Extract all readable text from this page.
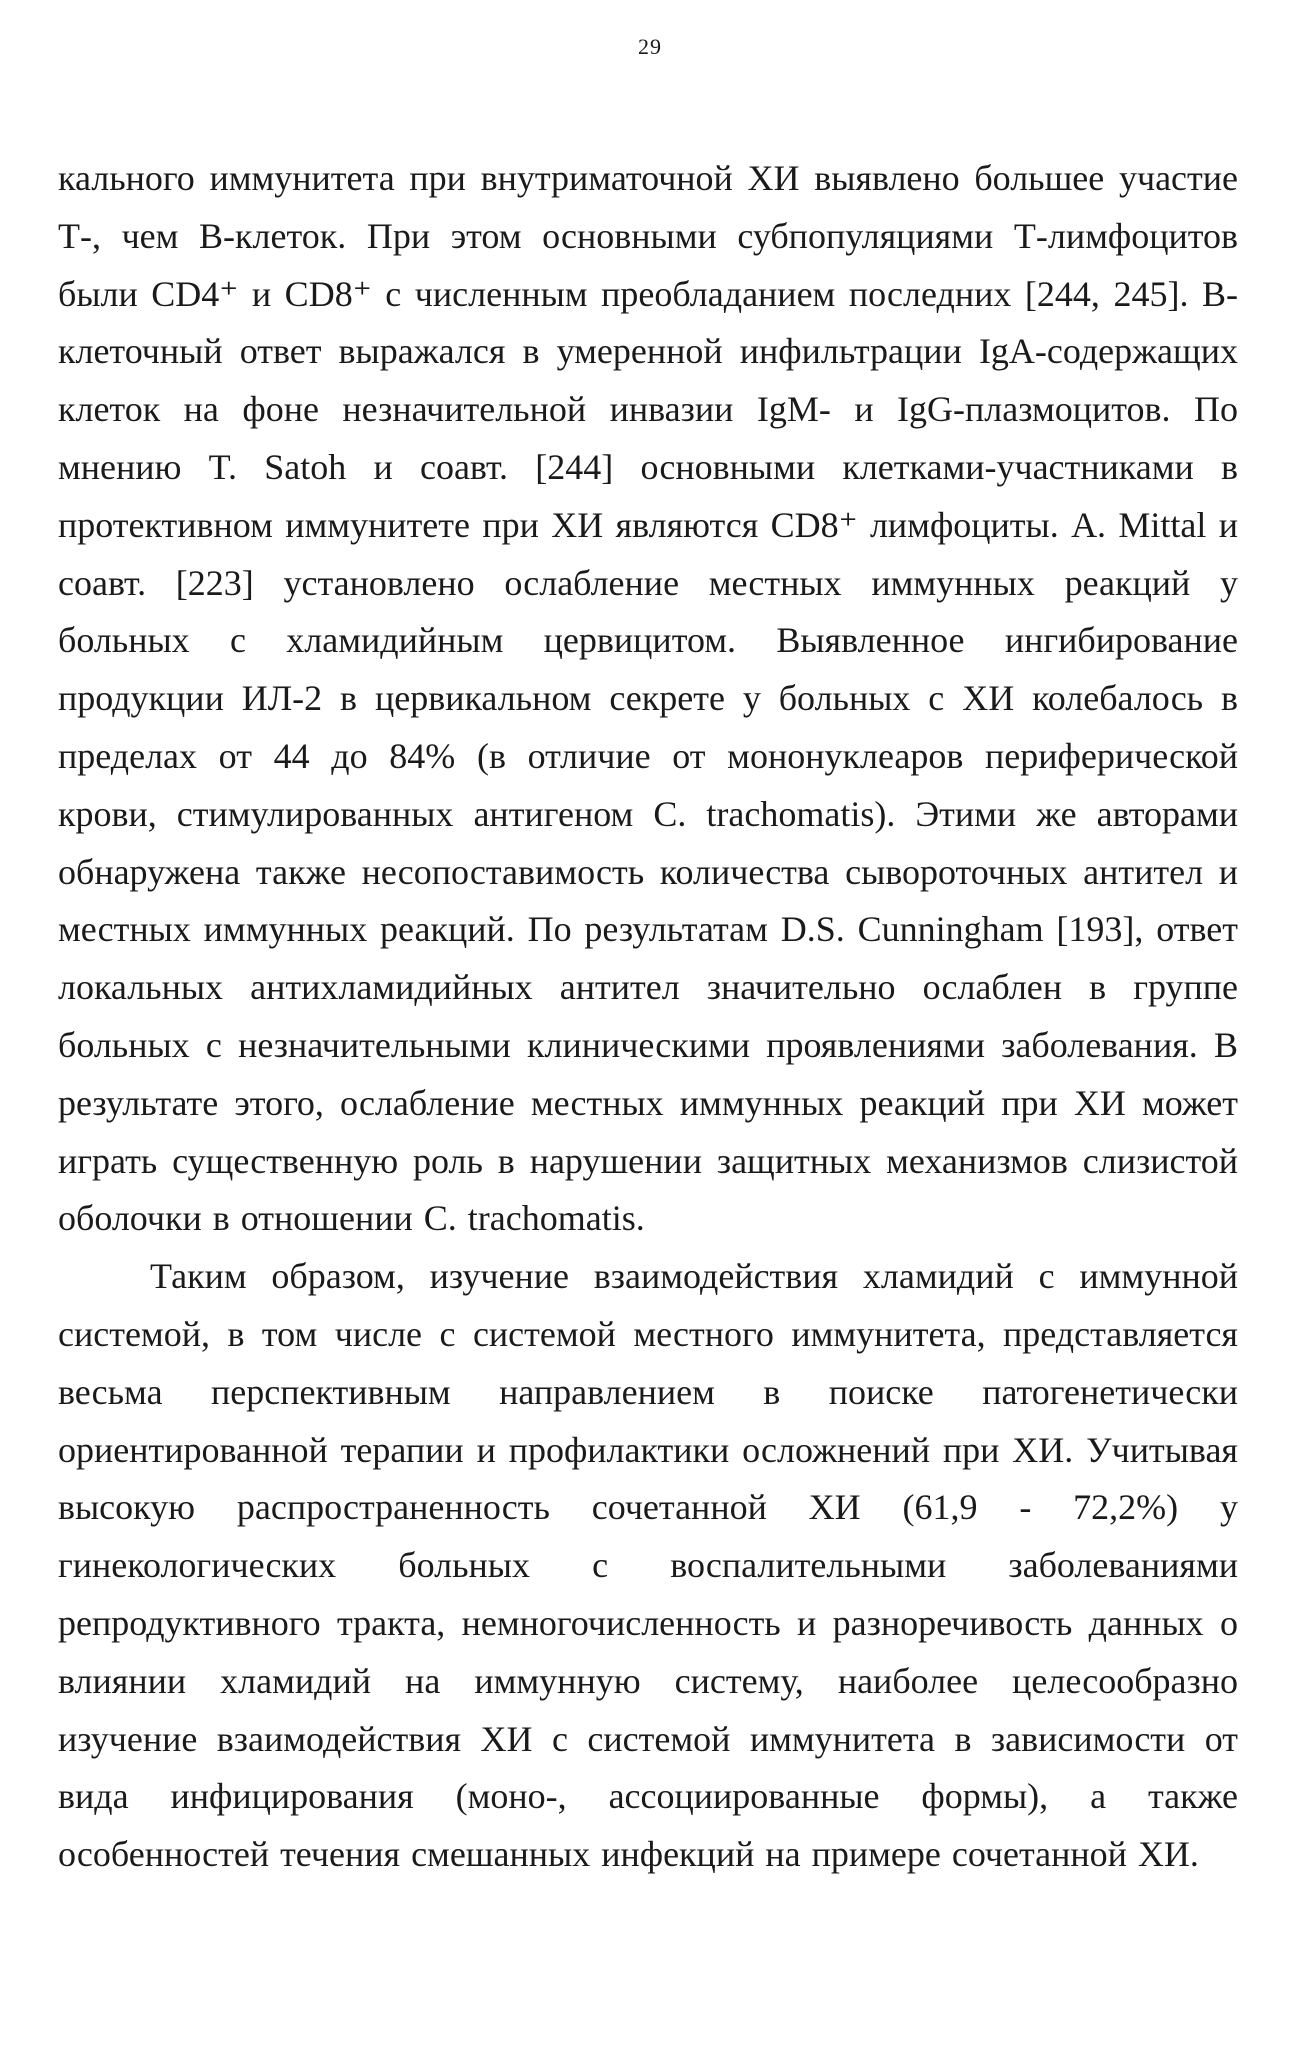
29

кального иммунитета при внутриматочной ХИ выявлено большее участие Т-, чем В-клеток. При этом основными субпопуляциями Т-лимфоцитов были CD4⁺ и CD8⁺ с численным преобладанием последних [244, 245]. В-клеточный ответ выражался в умеренной инфильтрации IgA-содержащих клеток на фоне незначительной инвазии IgM- и IgG-плазмоцитов. По мнению T. Satoh и соавт. [244] основными клетками-участниками в протективном иммунитете при ХИ являются CD8⁺ лимфоциты. A. Mittal и соавт. [223] установлено ослабление местных иммунных реакций у больных с хламидийным цервицитом. Выявленное ингибирование продукции ИЛ-2 в цервикальном секрете у больных с ХИ колебалось в пределах от 44 до 84% (в отличие от мононуклеаров периферической крови, стимулированных антигеном C. trachomatis). Этими же авторами обнаружена также несопоставимость количества сывороточных антител и местных иммунных реакций. По результатам D.S. Cunningham [193], ответ локальных антихламидийных антител значительно ослаблен в группе больных с незначительными клиническими проявлениями заболевания. В результате этого, ослабление местных иммунных реакций при ХИ может играть существенную роль в нарушении защитных механизмов слизистой оболочки в отношении C. trachomatis.

Таким образом, изучение взаимодействия хламидий с иммунной системой, в том числе с системой местного иммунитета, представляется весьма перспективным направлением в поиске патогенетически ориентированной терапии и профилактики осложнений при ХИ. Учитывая высокую распространенность сочетанной ХИ (61,9 - 72,2%) у гинекологических больных с воспалительными заболеваниями репродуктивного тракта, немногочисленность и разноречивость данных о влиянии хламидий на иммунную систему, наиболее целесообразно изучение взаимодействия ХИ с системой иммунитета в зависимости от вида инфицирования (моно-, ассоциированные формы), а также особенностей течения смешанных инфекций на примере сочетанной ХИ.
